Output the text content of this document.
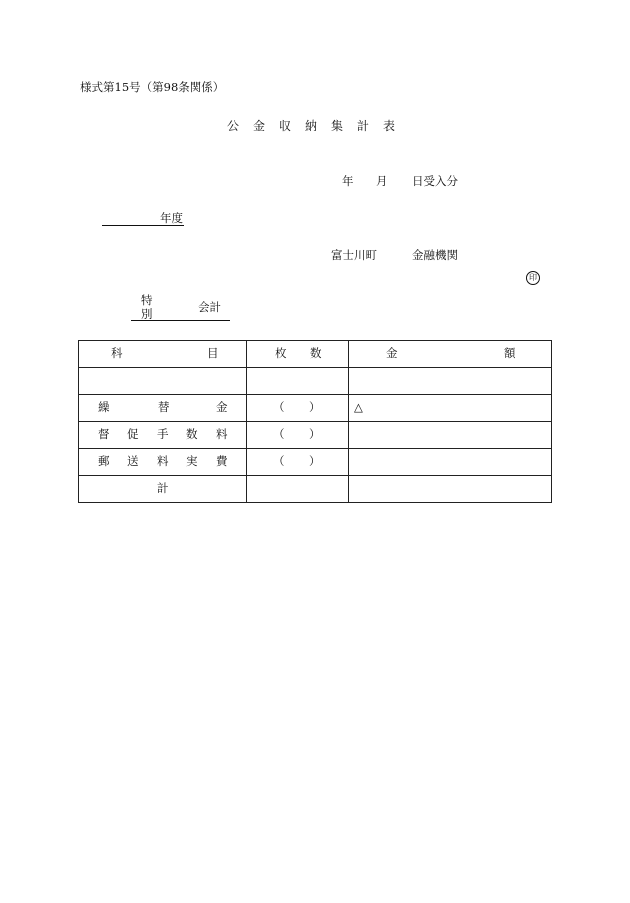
様式第15号（第98条関係）
公金収納集計表
年 月 日受入分
年度
富士川町	金融機関
印
特
別	会計
科 目	枚 数	金 額

繰 替 金	（ ）	△

督 促 手 数 料	（ ）	

郵 送 料 実 費	（ ）	

計		
